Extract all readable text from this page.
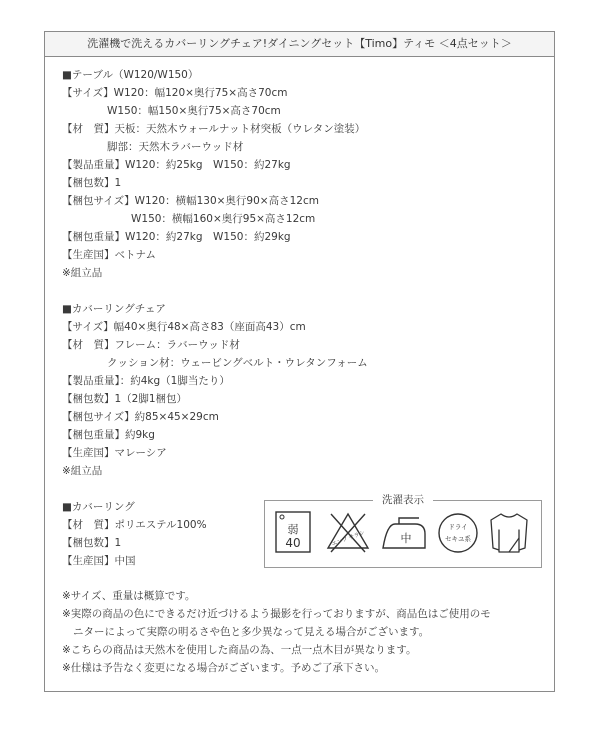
洗濯機で洗えるカバーリングチェア!ダイニングセット【Timo】ティモ ＜4点セット＞
■テーブル（W120/W150）
【サイズ】W120：幅120×奥行75×高さ70cm
W150：幅150×奥行75×高さ70cm
【材　質】天板：天然木ウォールナット材突板（ウレタン塗装）
脚部：天然木ラバーウッド材
【製品重量】W120：約25kg　W150：約27kg
【梱包数】1
【梱包サイズ】W120：横幅130×奥行90×高さ12cm
W150：横幅160×奥行95×高さ12cm
【梱包重量】W120：約27kg　W150：約29kg
【生産国】ベトナム
※組立品
■カバーリングチェア
【サイズ】幅40×奥行48×高さ83（座面高43）cm
【材　質】フレーム：ラバーウッド材
クッション材：ウェービングベルト・ウレタンフォーム
【製品重量】：約4kg（1脚当たり）
【梱包数】1（2脚1梱包）
【梱包サイズ】約85×45×29cm
【梱包重量】約9kg
【生産国】マレーシア
※組立品
■カバーリング
【材　質】ポリエステル100%
【梱包数】1
【生産国】中国
洗濯表示
弱
40	エンソ サラシ	中
ドライ
セキユ系
※サイズ、重量は概算です。
※実際の商品の色にできるだけ近づけるよう撮影を行っておりますが、商品色はご使用のモ
ニターによって実際の明るさや色と多少異なって見える場合がございます。
※こちらの商品は天然木を使用した商品の為、一点一点木目が異なります。
※仕様は予告なく変更になる場合がございます。予めご了承下さい。
